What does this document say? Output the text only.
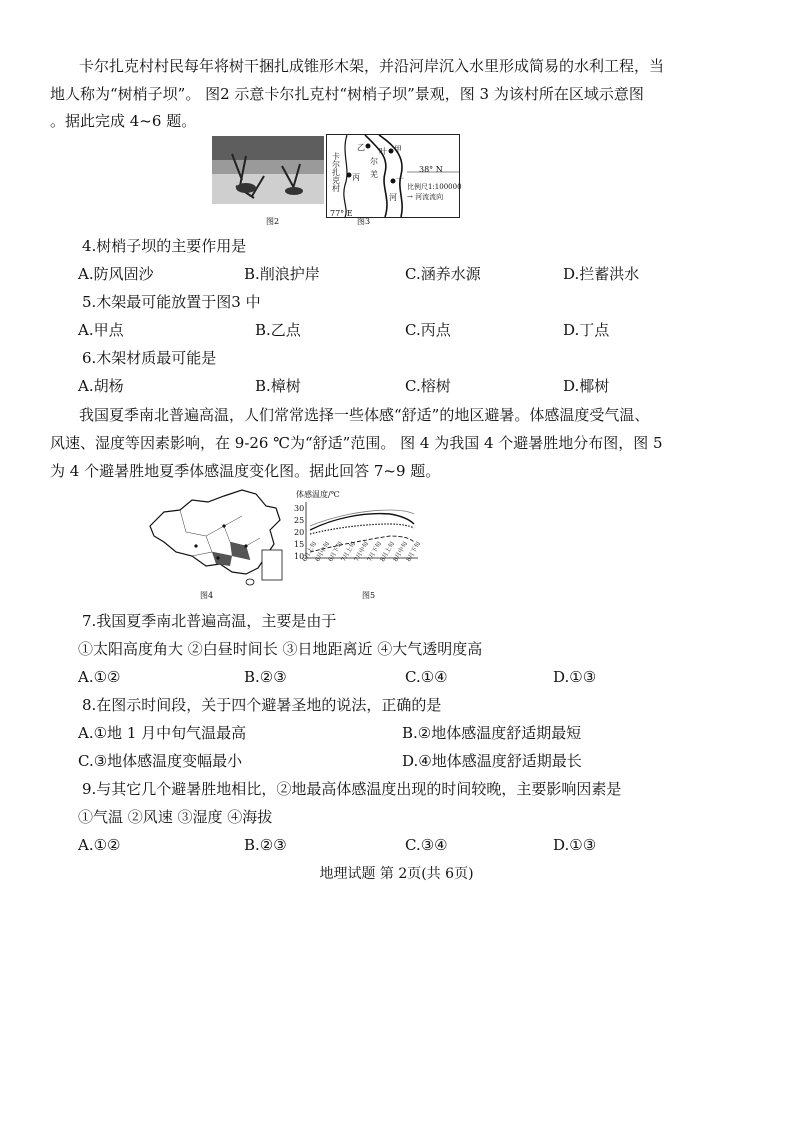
卡尔扎克村村民每年将树干捆扎成锥形木架，并沿河岸沉入水里形成简易的水利工程，当
地人称为“树梢子坝”。 图2 示意卡尔扎克村“树梢子坝”景观，图 3 为该村所在区域示意图
。据此完成 4~6 题。
图2
卡
尔
扎
克
村
乙 叶 甲
尔
羌
丙	丁
河
38° N
比例尺1:100000
→ 河流流向
77° E
图3
4.树梢子坝的主要作用是
A.防风固沙	B.削浪护岸	C.涵养水源	D.拦蓄洪水
5.木架最可能放置于图3 中
A.甲点	B.乙点	C.丙点	D.丁点
6.木架材质最可能是
A.胡杨	B.樟树	C.榕树	D.椰树
我国夏季南北普遍高温，人们常常选择一些体感“舒适”的地区避暑。体感温度受气温、
风速、湿度等因素影响，在 9-26 ℃为“舒适”范围。 图 4 为我国 4 个避暑胜地分布图，图 5
为 4 个避暑胜地夏季体感温度变化图。据此回答 7~9 题。
图4
体感温度/℃
30
25
20
15
10
6月上旬
6月中旬
6月下旬
7月上旬
7月中旬
7月下旬
8月上旬
8月中旬
8月下旬
图5
7.我国夏季南北普遍高温，主要是由于
①太阳高度角大 ②白昼时间长 ③日地距离近 ④大气透明度高
A.①②	B.②③	C.①④	D.①③
8.在图示时间段，关于四个避暑圣地的说法，正确的是
A.①地 1 月中旬气温最高	B.②地体感温度舒适期最短
C.③地体感温度变幅最小	D.④地体感温度舒适期最长
9.与其它几个避暑胜地相比，②地最高体感温度出现的时间较晚，主要影响因素是
①气温 ②风速 ③湿度 ④海拔
A.①②	B.②③	C.③④	D.①③
地理试题 第 2页(共 6页)
